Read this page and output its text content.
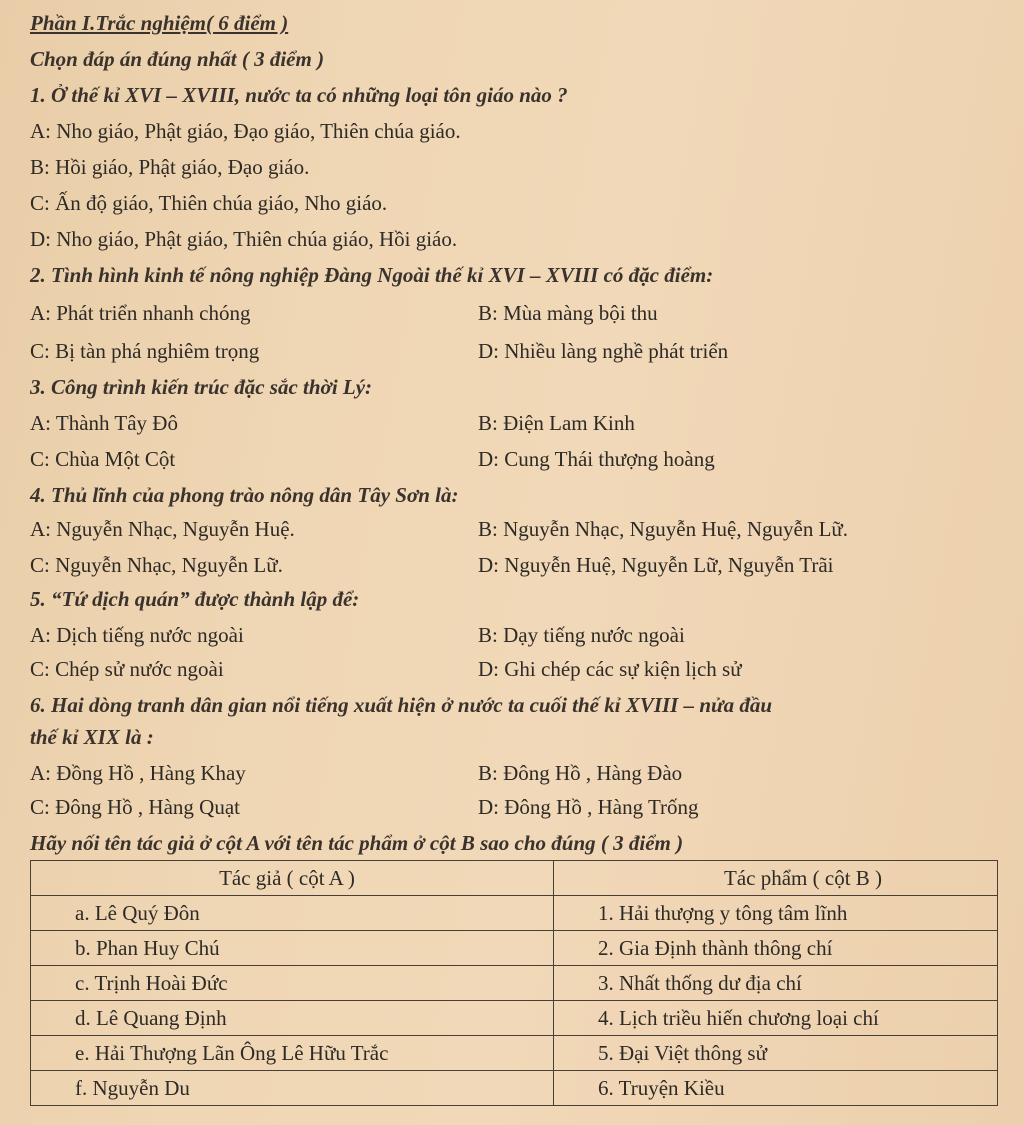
Phần I.Trắc nghiệm( 6 điểm )
Chọn đáp án đúng nhất ( 3 điểm )
1. Ở thế kỉ XVI – XVIII, nước ta có những loại tôn giáo nào ?
A: Nho giáo, Phật giáo, Đạo giáo, Thiên chúa giáo.
B: Hồi giáo, Phật giáo, Đạo giáo.
C: Ấn độ giáo, Thiên chúa giáo, Nho giáo.
D: Nho giáo, Phật giáo, Thiên chúa giáo, Hồi giáo.
2. Tình hình kinh tế nông nghiệp Đàng Ngoài thế kỉ XVI – XVIII có đặc điểm:
A: Phát triển nhanh chóng	B: Mùa màng bội thu
C: Bị tàn phá nghiêm trọng	D: Nhiều làng nghề phát triển
3. Công trình kiến trúc đặc sắc thời Lý:
A: Thành Tây Đô	B: Điện Lam Kinh
C: Chùa Một Cột	D: Cung Thái thượng hoàng
4. Thủ lĩnh của phong trào nông dân Tây Sơn là:
A: Nguyễn Nhạc, Nguyễn Huệ.	B: Nguyễn Nhạc, Nguyễn Huệ, Nguyễn Lữ.
C: Nguyễn Nhạc, Nguyễn Lữ.	D: Nguyễn Huệ, Nguyễn Lữ, Nguyễn Trãi
5. “Tứ dịch quán” được thành lập để:
A: Dịch tiếng nước ngoài	B: Dạy tiếng nước ngoài
C: Chép sử nước ngoài	D: Ghi chép các sự kiện lịch sử
6. Hai dòng tranh dân gian nổi tiếng xuất hiện ở nước ta cuối thế kỉ XVIII – nửa đầu
thế kỉ XIX là :
A: Đồng Hồ , Hàng Khay	B: Đông Hồ , Hàng Đào
C: Đông Hồ , Hàng Quạt	D: Đông Hồ , Hàng Trống
Hãy nối tên tác giả ở cột A với tên tác phẩm ở cột B sao cho đúng ( 3 điểm )
Tác giả ( cột A )	Tác phẩm ( cột B )
a. Lê Quý Đôn	1. Hải thượng y tông tâm lĩnh
b. Phan Huy Chú	2. Gia Định thành thông chí
c. Trịnh Hoài Đức	3. Nhất thống dư địa chí
d. Lê Quang Định	4. Lịch triều hiến chương loại chí
e. Hải Thượng Lãn Ông Lê Hữu Trắc	5. Đại Việt thông sử
f. Nguyễn Du	6. Truyện Kiều
